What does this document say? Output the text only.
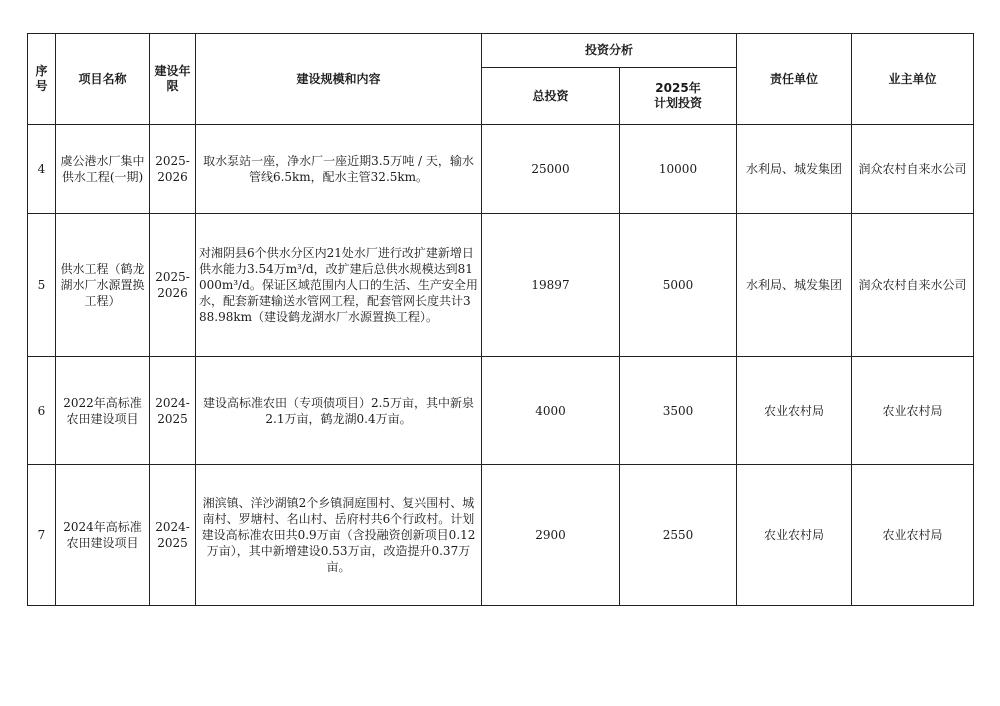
序号	项目名称	建设年限	建设规模和内容	投资分析		责任单位	业主单位
				总投资	2025年
计划投资		
4	虞公港水厂集中供水工程(一期)	2025-2026	取水泵站一座，净水厂一座近期3.5万吨 / 天，输水管线6.5km，配水主管32.5km。	25000	10000	水利局、城发集团	润众农村自来水公司
5	供水工程（鹤龙湖水厂水源置换工程）	2025-2026	对湘阴县6个供水分区内21处水厂进行改扩建新增日供水能力3.54万m³/d，改扩建后总供水规模达到81000m³/d。保证区域范围内人口的生活、生产安全用水，配套新建输送水管网工程，配套管网长度共计388.98km（建设鹤龙湖水厂水源置换工程）。	19897	5000	水利局、城发集团	润众农村自来水公司
6	2022年高标准农田建设项目	2024-2025	建设高标准农田（专项债项目）2.5万亩，其中新泉2.1万亩，鹤龙湖0.4万亩。	4000	3500	农业农村局	农业农村局
7	2024年高标准农田建设项目	2024-2025	湘滨镇、洋沙湖镇2个乡镇洞庭围村、复兴围村、城南村、罗塘村、名山村、岳府村共6个行政村。计划建设高标准农田共0.9万亩（含投融资创新项目0.12万亩），其中新增建设0.53万亩，改造提升0.37万亩。	2900	2550	农业农村局	农业农村局
